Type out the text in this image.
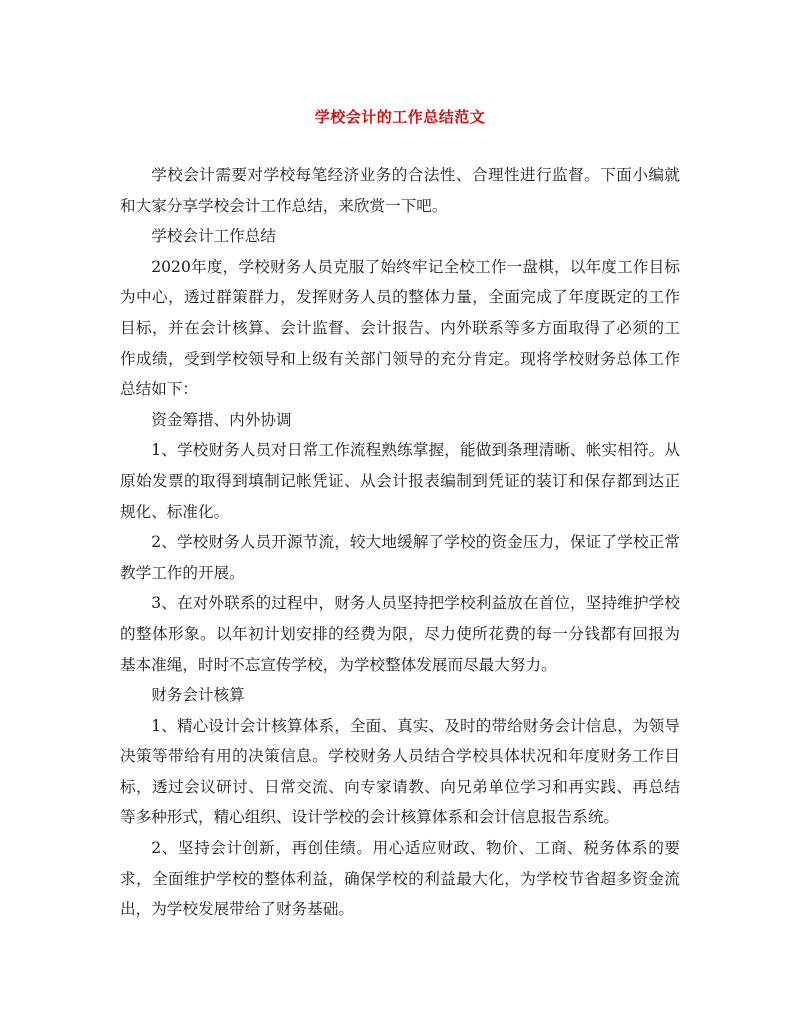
学校会计的工作总结范文

学校会计需要对学校每笔经济业务的合法性、合理性进行监督。下面小编就和大家分享学校会计工作总结，来欣赏一下吧。

学校会计工作总结

2020年度，学校财务人员克服了始终牢记全校工作一盘棋，以年度工作目标为中心，透过群策群力，发挥财务人员的整体力量，全面完成了年度既定的工作目标，并在会计核算、会计监督、会计报告、内外联系等多方面取得了必须的工作成绩，受到学校领导和上级有关部门领导的充分肯定。现将学校财务总体工作总结如下：

资金筹措、内外协调

1、学校财务人员对日常工作流程熟练掌握，能做到条理清晰、帐实相符。从原始发票的取得到填制记帐凭证、从会计报表编制到凭证的装订和保存都到达正规化、标准化。

2、学校财务人员开源节流，较大地缓解了学校的资金压力，保证了学校正常教学工作的开展。

3、在对外联系的过程中，财务人员坚持把学校利益放在首位，坚持维护学校的整体形象。以年初计划安排的经费为限，尽力使所花费的每一分钱都有回报为基本准绳，时时不忘宣传学校，为学校整体发展而尽最大努力。

财务会计核算

1、精心设计会计核算体系，全面、真实、及时的带给财务会计信息，为领导决策等带给有用的决策信息。学校财务人员结合学校具体状况和年度财务工作目标，透过会议研讨、日常交流、向专家请教、向兄弟单位学习和再实践、再总结等多种形式，精心组织、设计学校的会计核算体系和会计信息报告系统。

2、坚持会计创新，再创佳绩。用心适应财政、物价、工商、税务体系的要求，全面维护学校的整体利益，确保学校的利益最大化，为学校节省超多资金流出，为学校发展带给了财务基础。
